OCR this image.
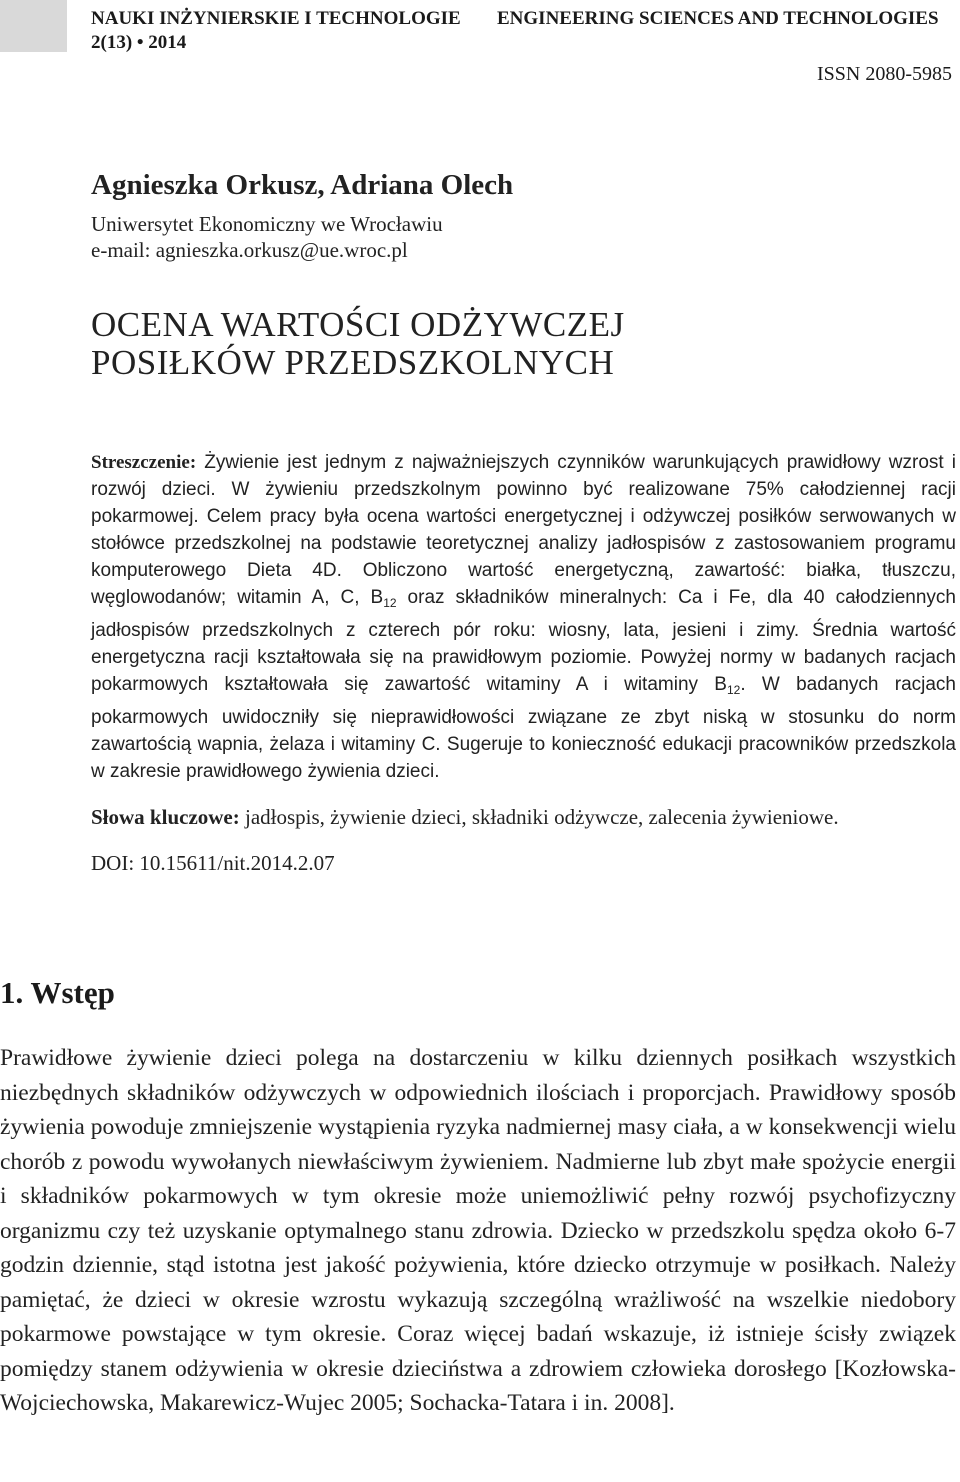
NAUKI INŻYNIERSKIE I TECHNOLOGIE
2(13) • 2014
ENGINEERING SCIENCES AND TECHNOLOGIES
ISSN 2080-5985
Agnieszka Orkusz, Adriana Olech
Uniwersytet Ekonomiczny we Wrocławiu
e-mail: agnieszka.orkusz@ue.wroc.pl
OCENA WARTOŚCI ODŻYWCZEJ
POSIŁKÓW PRZEDSZKOLNYCH
Streszczenie: Żywienie jest jednym z najważniejszych czynników warunkujących prawidłowy wzrost i rozwój dzieci. W żywieniu przedszkolnym powinno być realizowane 75% całodziennej racji pokarmowej. Celem pracy była ocena wartości energetycznej i odżywczej posiłków serwowanych w stołówce przedszkolnej na podstawie teoretycznej analizy jadłospisów z zastosowaniem programu komputerowego Dieta 4D. Obliczono wartość energetyczną, zawartość: białka, tłuszczu, węglowodanów; witamin A, C, $B_{12}$ oraz składników mineralnych: Ca i Fe, dla 40 całodziennych jadłospisów przedszkolnych z czterech pór roku: wiosny, lata, jesieni i zimy. Średnia wartość energetyczna racji kształtowała się na prawidłowym poziomie. Powyżej normy w badanych racjach pokarmowych kształtowała się zawartość witaminy A i witaminy $B_{12}$. W badanych racjach pokarmowych uwidoczniły się nieprawidłowości związane ze zbyt niską w stosunku do norm zawartością wapnia, żelaza i witaminy C. Sugeruje to konieczność edukacji pracowników przedszkola w zakresie prawidłowego żywienia dzieci.
Słowa kluczowe: jadłospis, żywienie dzieci, składniki odżywcze, zalecenia żywieniowe.
DOI: 10.15611/nit.2014.2.07
1. Wstęp
Prawidłowe żywienie dzieci polega na dostarczeniu w kilku dziennych posiłkach wszystkich niezbędnych składników odżywczych w odpowiednich ilościach i proporcjach. Prawidłowy sposób żywienia powoduje zmniejszenie wystąpienia ryzyka nadmiernej masy ciała, a w konsekwencji wielu chorób z powodu wywołanych niewłaściwym żywieniem. Nadmierne lub zbyt małe spożycie energii i składników pokarmowych w tym okresie może uniemożliwić pełny rozwój psychofizyczny organizmu czy też uzyskanie optymalnego stanu zdrowia. Dziecko w przedszkolu spędza około 6-7 godzin dziennie, stąd istotna jest jakość pożywienia, które dziecko otrzymuje w posiłkach. Należy pamiętać, że dzieci w okresie wzrostu wykazują szczególną wrażliwość na wszelkie niedobory pokarmowe powstające w tym okresie. Coraz więcej badań wskazuje, iż istnieje ścisły związek pomiędzy stanem odżywienia w okresie dzieciństwa a zdrowiem człowieka dorosłego [Kozłowska-Wojciechowska, Makarewicz-Wujec 2005; Sochacka-Tatara i in. 2008].
